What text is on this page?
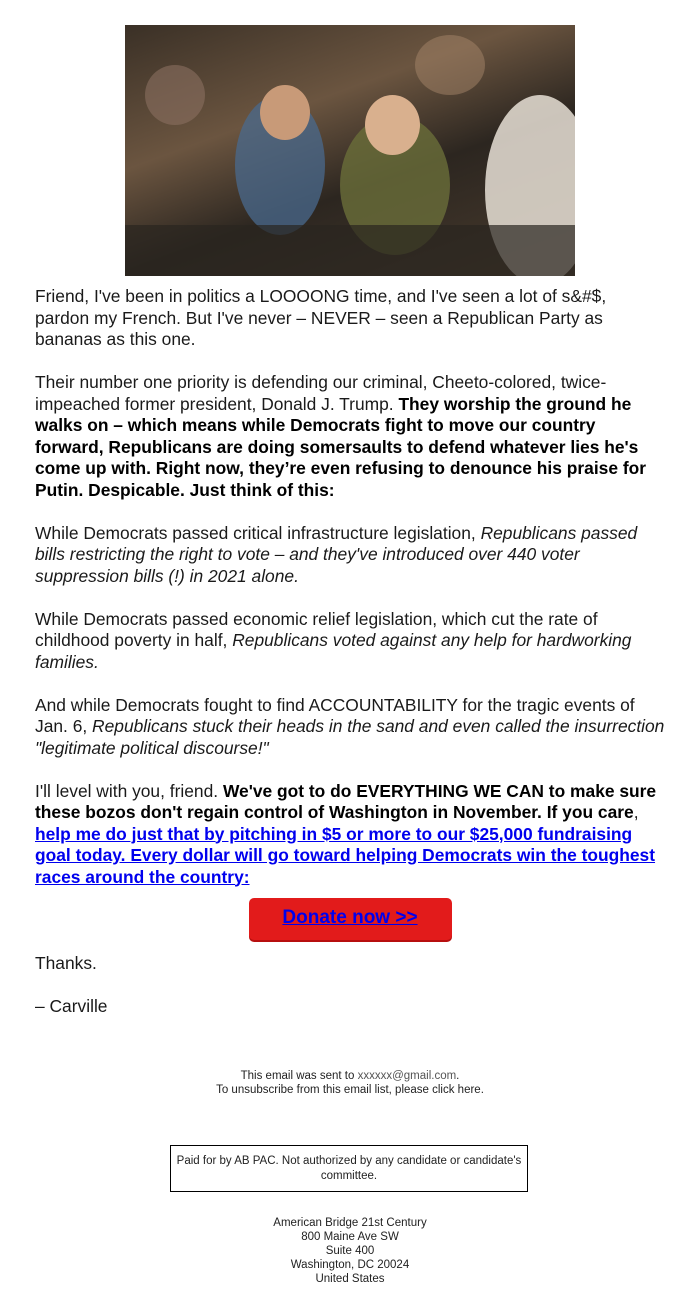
Friend, I've been in politics a LOOOONG time, and I've seen a lot of s&#$, pardon my French. But I've never – NEVER – seen a Republican Party as bananas as this one.

Their number one priority is defending our criminal, Cheeto-colored, twice-impeached former president, Donald J. Trump. They worship the ground he walks on – which means while Democrats fight to move our country forward, Republicans are doing somersaults to defend whatever lies he's come up with. Right now, they’re even refusing to denounce his praise for Putin. Despicable. Just think of this:

While Democrats passed critical infrastructure legislation, Republicans passed bills restricting the right to vote – and they've introduced over 440 voter suppression bills (!) in 2021 alone.

While Democrats passed economic relief legislation, which cut the rate of childhood poverty in half, Republicans voted against any help for hardworking families.

And while Democrats fought to find ACCOUNTABILITY for the tragic events of Jan. 6, Republicans stuck their heads in the sand and even called the insurrection "legitimate political discourse!"

I'll level with you, friend. We've got to do EVERYTHING WE CAN to make sure these bozos don't regain control of Washington in November. If you care, help me do just that by pitching in $5 or more to our $25,000 fundraising goal today. Every dollar will go toward helping Democrats win the toughest races around the country:

Donate now >>

Thanks.

– Carville

This email was sent to xxxxxx@gmail.com.
To unsubscribe from this email list, please click here.
Paid for by AB PAC. Not authorized by any candidate or candidate's committee.
American Bridge 21st Century
800 Maine Ave SW
Suite 400
Washington, DC 20024
United States
